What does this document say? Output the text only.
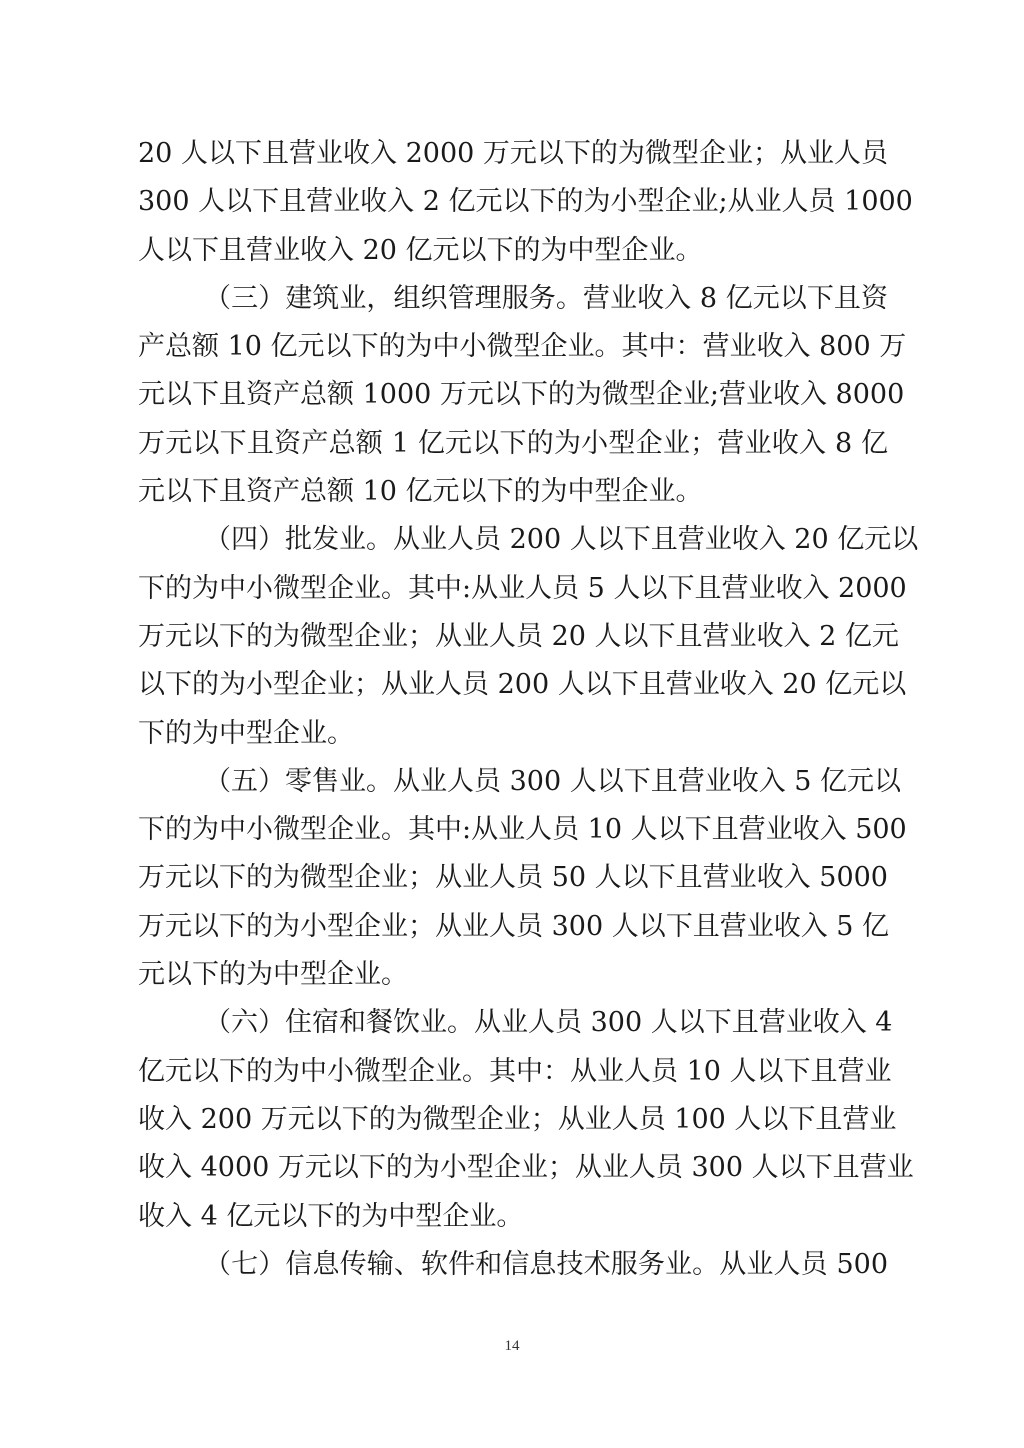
20 人以下且营业收入 2000 万元以下的为微型企业；从业人员
300 人以下且营业收入 2 亿元以下的为小型企业;从业人员 1000
人以下且营业收入 20 亿元以下的为中型企业。
（三）建筑业，组织管理服务。营业收入 8 亿元以下且资
产总额 10 亿元以下的为中小微型企业。其中：营业收入 800 万
元以下且资产总额 1000 万元以下的为微型企业;营业收入 8000
万元以下且资产总额 1 亿元以下的为小型企业；营业收入 8 亿
元以下且资产总额 10 亿元以下的为中型企业。
（四）批发业。从业人员 200 人以下且营业收入 20 亿元以
下的为中小微型企业。其中:从业人员 5 人以下且营业收入 2000
万元以下的为微型企业；从业人员 20 人以下且营业收入 2 亿元
以下的为小型企业；从业人员 200 人以下且营业收入 20 亿元以
下的为中型企业。
（五）零售业。从业人员 300 人以下且营业收入 5 亿元以
下的为中小微型企业。其中:从业人员 10 人以下且营业收入 500
万元以下的为微型企业；从业人员 50 人以下且营业收入 5000
万元以下的为小型企业；从业人员 300 人以下且营业收入 5 亿
元以下的为中型企业。
（六）住宿和餐饮业。从业人员 300 人以下且营业收入 4
亿元以下的为中小微型企业。其中：从业人员 10 人以下且营业
收入 200 万元以下的为微型企业；从业人员 100 人以下且营业
收入 4000 万元以下的为小型企业；从业人员 300 人以下且营业
收入 4 亿元以下的为中型企业。
（七）信息传输、软件和信息技术服务业。从业人员 500
14
